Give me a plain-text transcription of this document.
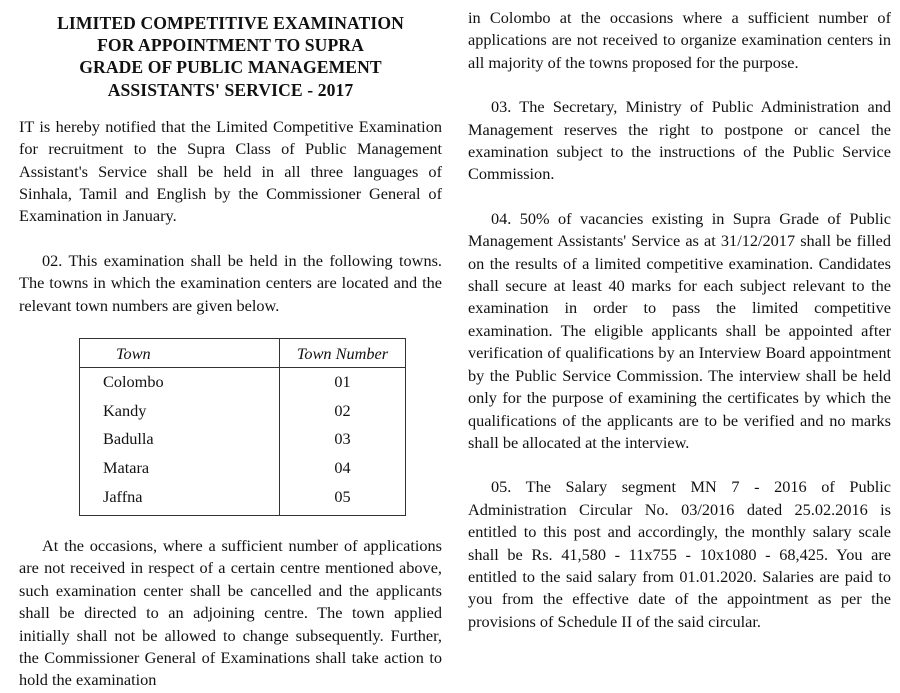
LIMITED COMPETITIVE EXAMINATION
FOR APPOINTMENT TO SUPRA
GRADE OF PUBLIC MANAGEMENT
ASSISTANTS' SERVICE - 2017

IT is hereby notified that the Limited Competitive Examination for recruitment to the Supra Class of Public Management Assistant's Service shall be held in all three languages of Sinhala, Tamil and English by the Commissioner General of Examination in January.

02. This examination shall be held in the following towns. The towns in which the examination centers are located and the relevant town numbers are given below.

Town	Town Number
Colombo	01
Kandy	02
Badulla	03
Matara	04
Jaffna	05

At the occasions, where a sufficient number of applications are not received in respect of a certain centre mentioned above, such examination center shall be cancelled and the applicants shall be directed to an adjoining centre. The town applied initially shall not be allowed to change subsequently. Further, the Commissioner General of Examinations shall take action to hold the examination

in Colombo at the occasions where a sufficient number of applications are not received to organize examination centers in all majority of the towns proposed for the purpose.

03. The Secretary, Ministry of Public Administration and Management reserves the right to postpone or cancel the examination subject to the instructions of the Public Service Commission.

04. 50% of vacancies existing in Supra Grade of Public Management Assistants' Service as at 31/12/2017 shall be filled on the results of a limited competitive examination. Candidates shall secure at least 40 marks for each subject relevant to the examination in order to pass the limited competitive examination. The eligible applicants shall be appointed after verification of qualifications by an Interview Board appointment by the Public Service Commission. The interview shall be held only for the purpose of examining the certificates by which the qualifications of the applicants are to be verified and no marks shall be allocated at the interview.

05. The Salary segment MN 7 - 2016 of Public Administration Circular No. 03/2016 dated 25.02.2016 is entitled to this post and accordingly, the monthly salary scale shall be Rs. 41,580 - 11x755 - 10x1080 - 68,425. You are entitled to the said salary from 01.01.2020. Salaries are paid to you from the effective date of the appointment as per the provisions of Schedule II of the said circular.
